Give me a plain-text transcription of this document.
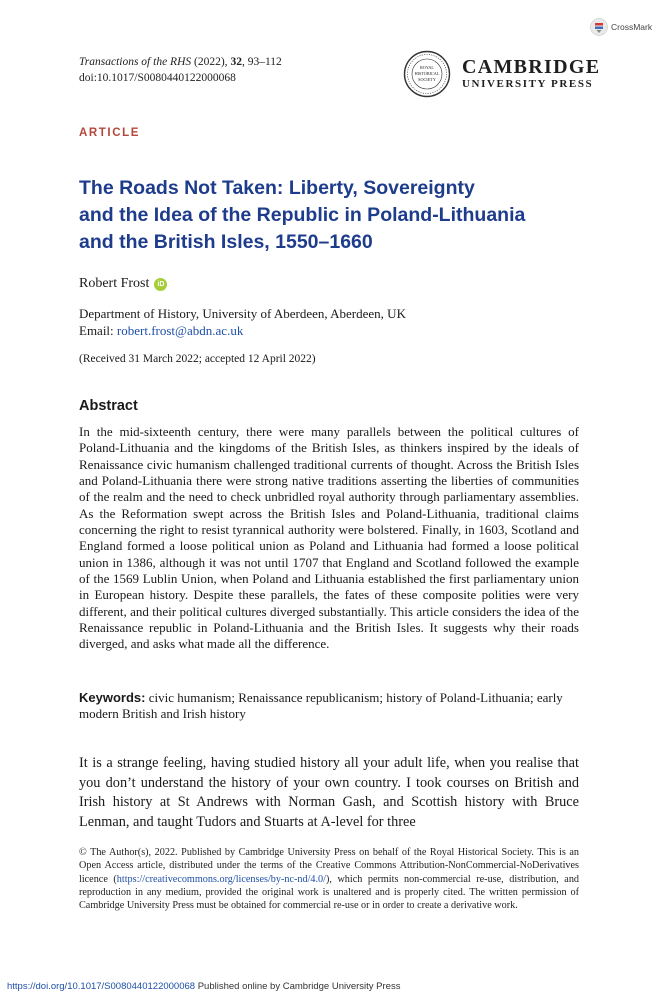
Transactions of the RHS (2022), 32, 93–112
doi:10.1017/S0080440122000068
CrossMark
ROYAL
HISTORICAL
SOCIETY
CAMBRIDGE
UNIVERSITY PRESS
ARTICLE
The Roads Not Taken: Liberty, Sovereignty
and the Idea of the Republic in Poland-Lithuania
and the British Isles, 1550–1660
Robert Frost	iD
Department of History, University of Aberdeen, Aberdeen, UK
Email: robert.frost@abdn.ac.uk
(Received 31 March 2022; accepted 12 April 2022)
Abstract
In the mid-sixteenth century, there were many parallels between the political cultures of Poland-Lithuania and the kingdoms of the British Isles, as thinkers inspired by the ideals of Renaissance civic humanism challenged traditional currents of thought. Across the British Isles and Poland-Lithuania there were strong native traditions asserting the liberties of communities of the realm and the need to check unbridled royal authority through parliamentary assemblies. As the Reformation swept across the British Isles and Poland-Lithuania, traditional claims concerning the right to resist tyrannical authority were bolstered. Finally, in 1603, Scotland and England formed a loose political union as Poland and Lithuania had formed a loose political union in 1386, although it was not until 1707 that England and Scotland followed the example of the 1569 Lublin Union, when Poland and Lithuania established the first parliamentary union in European history. Despite these parallels, the fates of these composite polities were very different, and their political cultures diverged substantially. This article considers the idea of the Renaissance republic in Poland-Lithuania and the British Isles. It suggests why their roads diverged, and asks what made all the difference.
Keywords: civic humanism; Renaissance republicanism; history of Poland-Lithuania; early modern British and Irish history
It is a strange feeling, having studied history all your adult life, when you realise that you don’t understand the history of your own country. I took courses on British and Irish history at St Andrews with Norman Gash, and Scottish history with Bruce Lenman, and taught Tudors and Stuarts at A-level for three
© The Author(s), 2022. Published by Cambridge University Press on behalf of the Royal Historical Society. This is an Open Access article, distributed under the terms of the Creative Commons Attribution-NonCommercial-NoDerivatives licence (https://creativecommons.org/licenses/by-nc-nd/4.0/), which permits non-commercial re-use, distribution, and reproduction in any medium, provided the original work is unaltered and is properly cited. The written permission of Cambridge University Press must be obtained for commercial re-use or in order to create a derivative work.
https://doi.org/10.1017/S0080440122000068 Published online by Cambridge University Press
